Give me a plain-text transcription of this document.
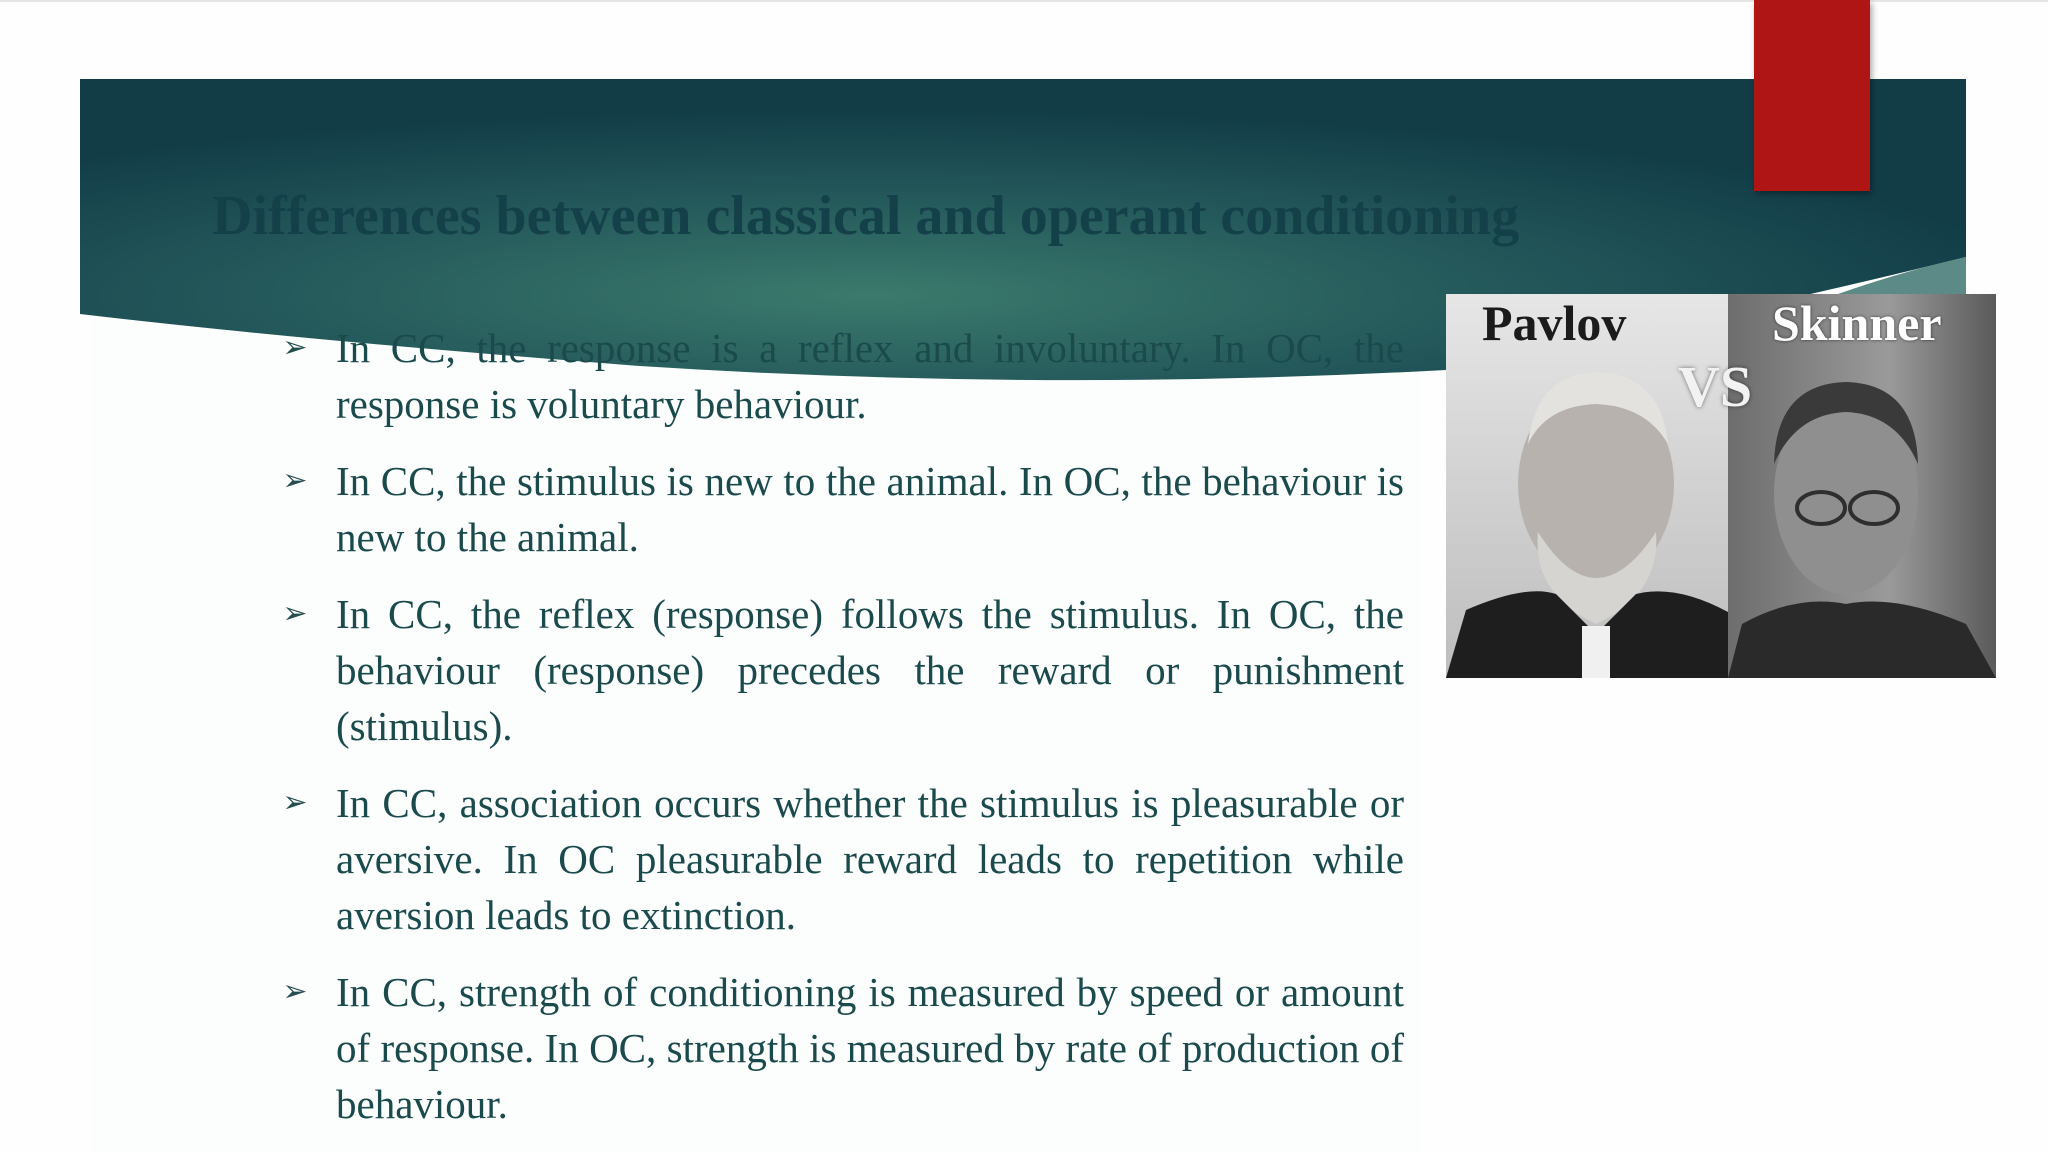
Differences between classical and operant conditioning
➢ In CC, the response is a reflex and involuntary. In OC, the response is voluntary behaviour.
➢ In CC, the stimulus is new to the animal. In OC, the behaviour is new to the animal.
➢ In CC, the reflex (response) follows the stimulus. In OC, the behaviour (response) precedes the reward or punishment (stimulus).
➢ In CC, association occurs whether the stimulus is pleasurable or aversive. In OC pleasurable reward leads to repetition while aversion leads to extinction.
➢ In CC, strength of conditioning is measured by speed or amount of response. In OC, strength is measured by rate of production of behaviour.
Pavlov	Skinner
VS
